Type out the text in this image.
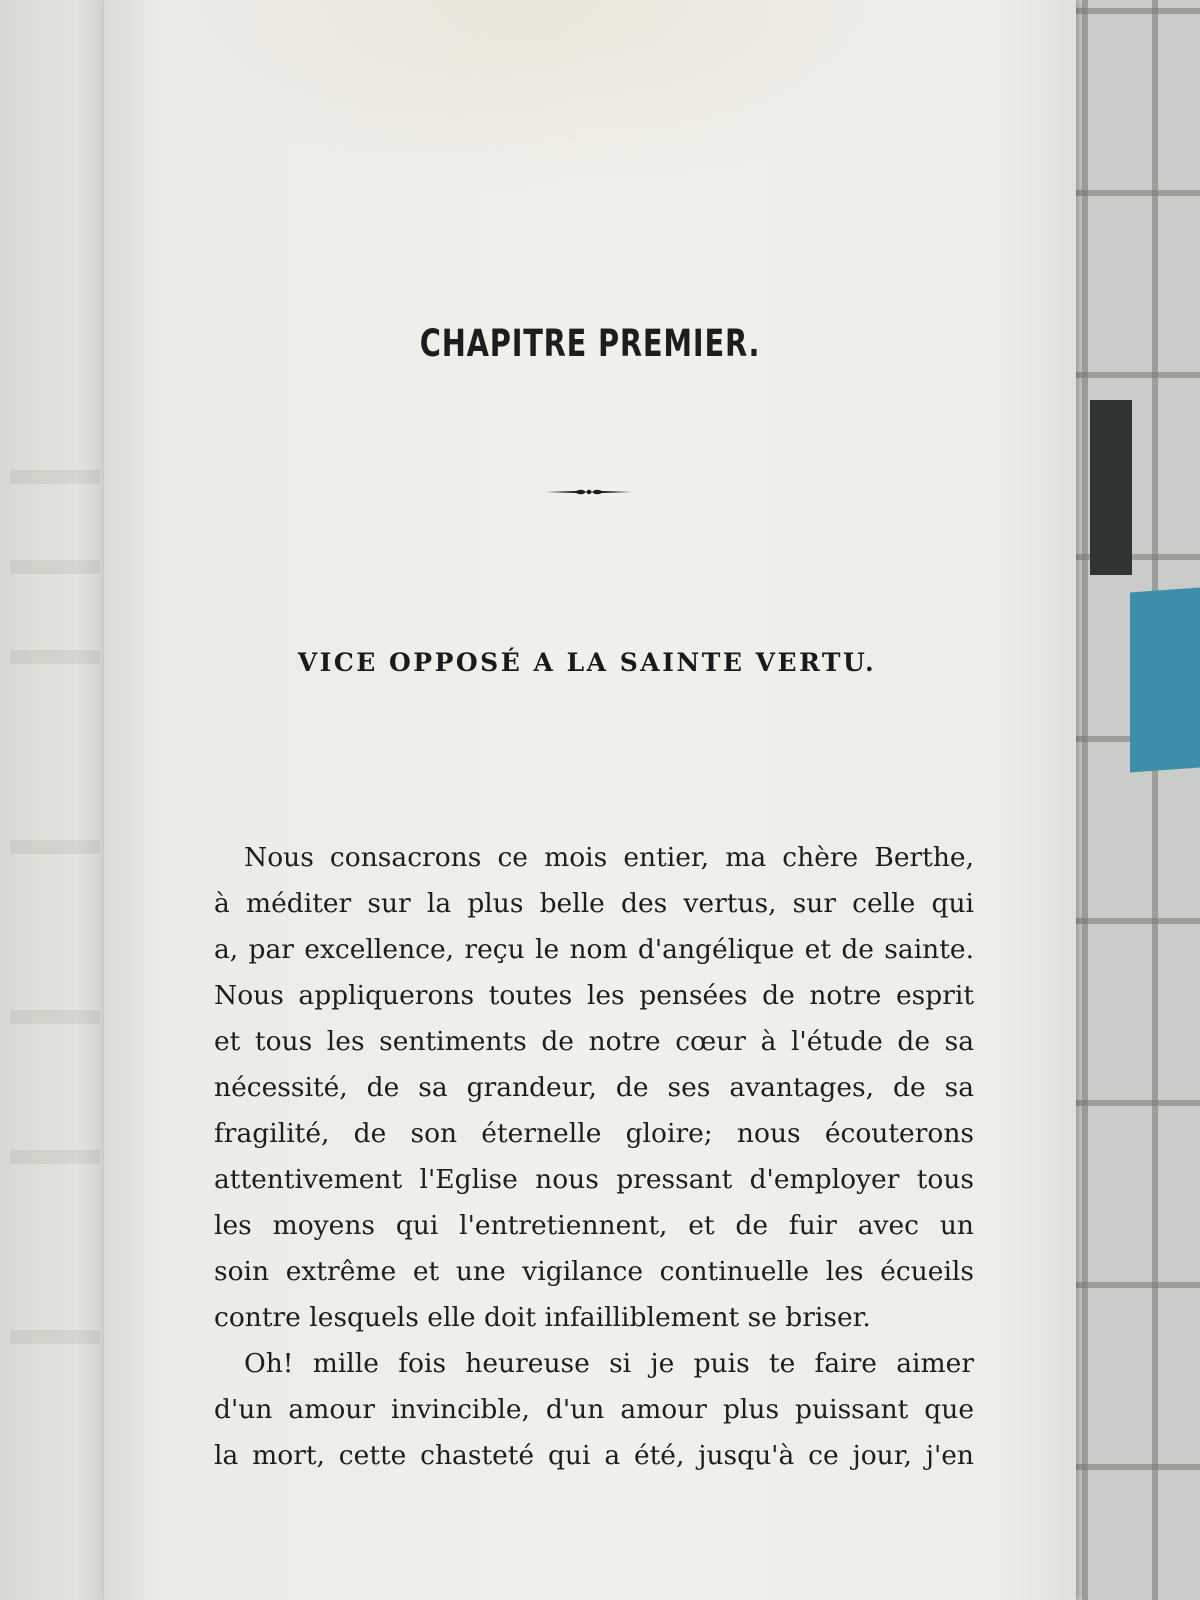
CHAPITRE PREMIER.
VICE OPPOSÉ A LA SAINTE VERTU.
Nous consacrons ce mois entier, ma chère Berthe,
à méditer sur la plus belle des vertus, sur celle qui
a, par excellence, reçu le nom d'angélique et de sainte.
Nous appliquerons toutes les pensées de notre esprit
et tous les sentiments de notre cœur à l'étude de sa
nécessité, de sa grandeur, de ses avantages, de sa
fragilité, de son éternelle gloire; nous écouterons
attentivement l'Eglise nous pressant d'employer tous
les moyens qui l'entretiennent, et de fuir avec un
soin extrême et une vigilance continuelle les écueils
contre lesquels elle doit infailliblement se briser.
Oh! mille fois heureuse si je puis te faire aimer
d'un amour invincible, d'un amour plus puissant que
la mort, cette chasteté qui a été, jusqu'à ce jour, j'en
